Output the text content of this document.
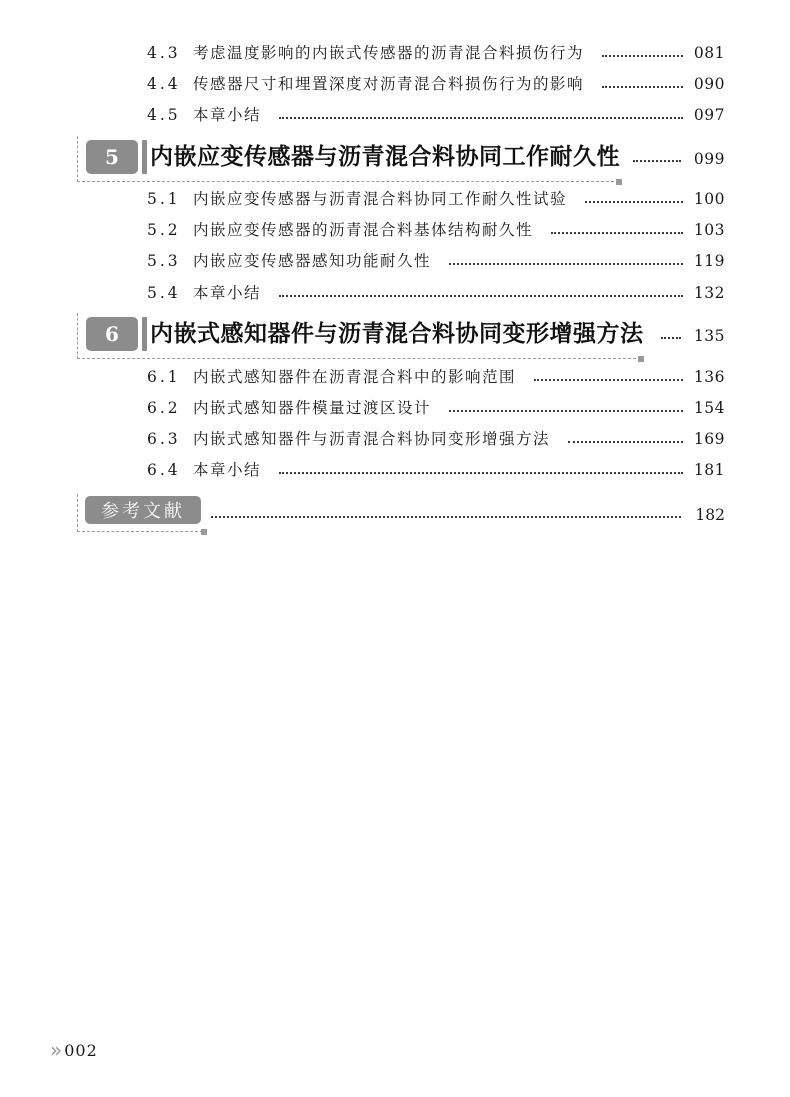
4.3 考虑温度影响的内嵌式传感器的沥青混合料损伤行为	081
4.4 传感器尺寸和埋置深度对沥青混合料损伤行为的影响	090
4.5 本章小结	097
5	内嵌应变传感器与沥青混合料协同工作耐久性	099
5.1 内嵌应变传感器与沥青混合料协同工作耐久性试验	100
5.2 内嵌应变传感器的沥青混合料基体结构耐久性	103
5.3 内嵌应变传感器感知功能耐久性	119
5.4 本章小结	132
6	内嵌式感知器件与沥青混合料协同变形增强方法	135
6.1 内嵌式感知器件在沥青混合料中的影响范围	136
6.2 内嵌式感知器件模量过渡区设计	154
6.3 内嵌式感知器件与沥青混合料协同变形增强方法	169
6.4 本章小结	181
参考文献	182
» 002
